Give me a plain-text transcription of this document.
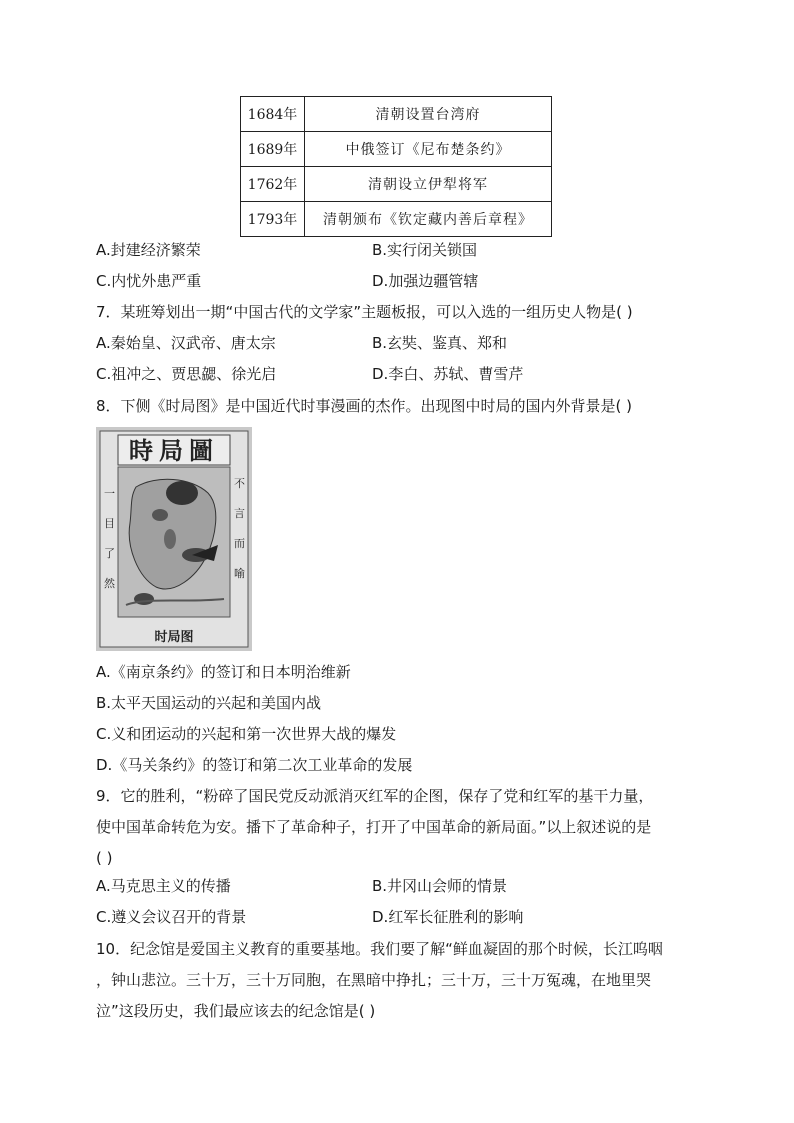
1684年	清朝设置台湾府
1689年	中俄签订《尼布楚条约》
1762年	清朝设立伊犁将军
1793年	清朝颁布《钦定藏内善后章程》
A.封建经济繁荣	B.实行闭关锁国
C.内忧外患严重	D.加强边疆管辖
7．某班筹划出一期“中国古代的文学家”主题板报，可以入选的一组历史人物是( )
A.秦始皇、汉武帝、唐太宗	B.玄奘、鉴真、郑和
C.祖冲之、贾思勰、徐光启	D.李白、苏轼、曹雪芹
8．下侧《时局图》是中国近代时事漫画的杰作。出现图中时局的国内外背景是( )
時局圖
一目了然
不言而喻
时局图
A.《南京条约》的签订和日本明治维新
B.太平天国运动的兴起和美国内战
C.义和团运动的兴起和第一次世界大战的爆发
D.《马关条约》的签订和第二次工业革命的发展
9．它的胜利，“粉碎了国民党反动派消灭红军的企图，保存了党和红军的基干力量，
使中国革命转危为安。播下了革命种子，打开了中国革命的新局面。”以上叙述说的是
( )
A.马克思主义的传播	B.井冈山会师的情景
C.遵义会议召开的背景	D.红军长征胜利的影响
10．纪念馆是爱国主义教育的重要基地。我们要了解“鲜血凝固的那个时候，长江呜咽
，钟山悲泣。三十万，三十万同胞，在黑暗中挣扎；三十万，三十万冤魂，在地里哭
泣”这段历史，我们最应该去的纪念馆是( )
